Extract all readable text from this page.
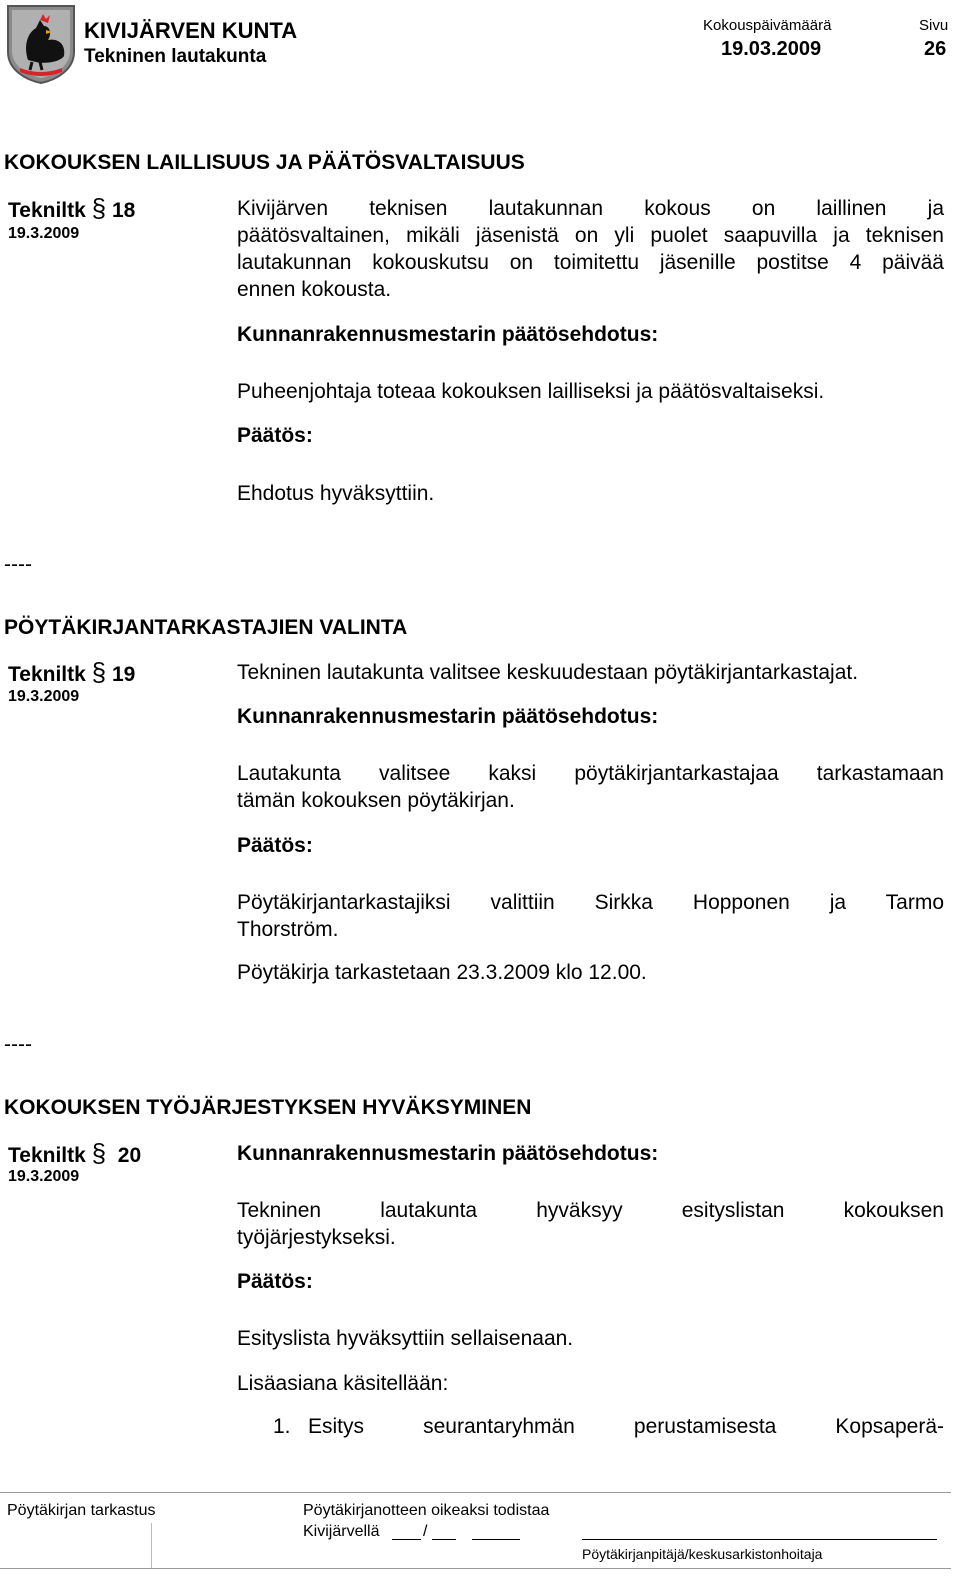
KIVIJÄRVEN KUNTA
Tekninen lautakunta
Kokouspäivämäärä
19.03.2009
Sivu
26
KOKOUKSEN LAILLISUUS JA PÄÄTÖSVALTAISUUS
Tekniltk § 18
19.3.2009
Kivijärven teknisen lautakunnan kokous on laillinen ja
päätösvaltainen, mikäli jäsenistä on yli puolet saapuvilla ja teknisen
lautakunnan kokouskutsu on toimitettu jäsenille postitse 4 päivää
ennen kokousta.
Kunnanrakennusmestarin päätösehdotus:
Puheenjohtaja toteaa kokouksen lailliseksi ja päätösvaltaiseksi.
Päätös:
Ehdotus hyväksyttiin.
----
PÖYTÄKIRJANTARKASTAJIEN VALINTA
Tekniltk § 19
19.3.2009
Tekninen lautakunta valitsee keskuudestaan pöytäkirjantarkastajat.
Kunnanrakennusmestarin päätösehdotus:
Lautakunta valitsee kaksi pöytäkirjantarkastajaa tarkastamaan
tämän kokouksen pöytäkirjan.
Päätös:
Pöytäkirjantarkastajiksi valittiin Sirkka Hopponen ja Tarmo
Thorström.
Pöytäkirja tarkastetaan 23.3.2009 klo 12.00.
----
KOKOUKSEN TYÖJÄRJESTYKSEN HYVÄKSYMINEN
Tekniltk § 20
19.3.2009
Kunnanrakennusmestarin päätösehdotus:
Tekninen lautakunta hyväksyy esityslistan kokouksen
työjärjestykseksi.
Päätös:
Esityslista hyväksyttiin sellaisenaan.
Lisäasiana käsitellään:
1. Esitys seurantaryhmän perustamisesta Kopsaperä-
Pöytäkirjan tarkastus	Pöytäkirjanotteen oikeaksi todistaa
Kivijärvellä	/
Pöytäkirjanpitäjä/keskusarkistonhoitaja
